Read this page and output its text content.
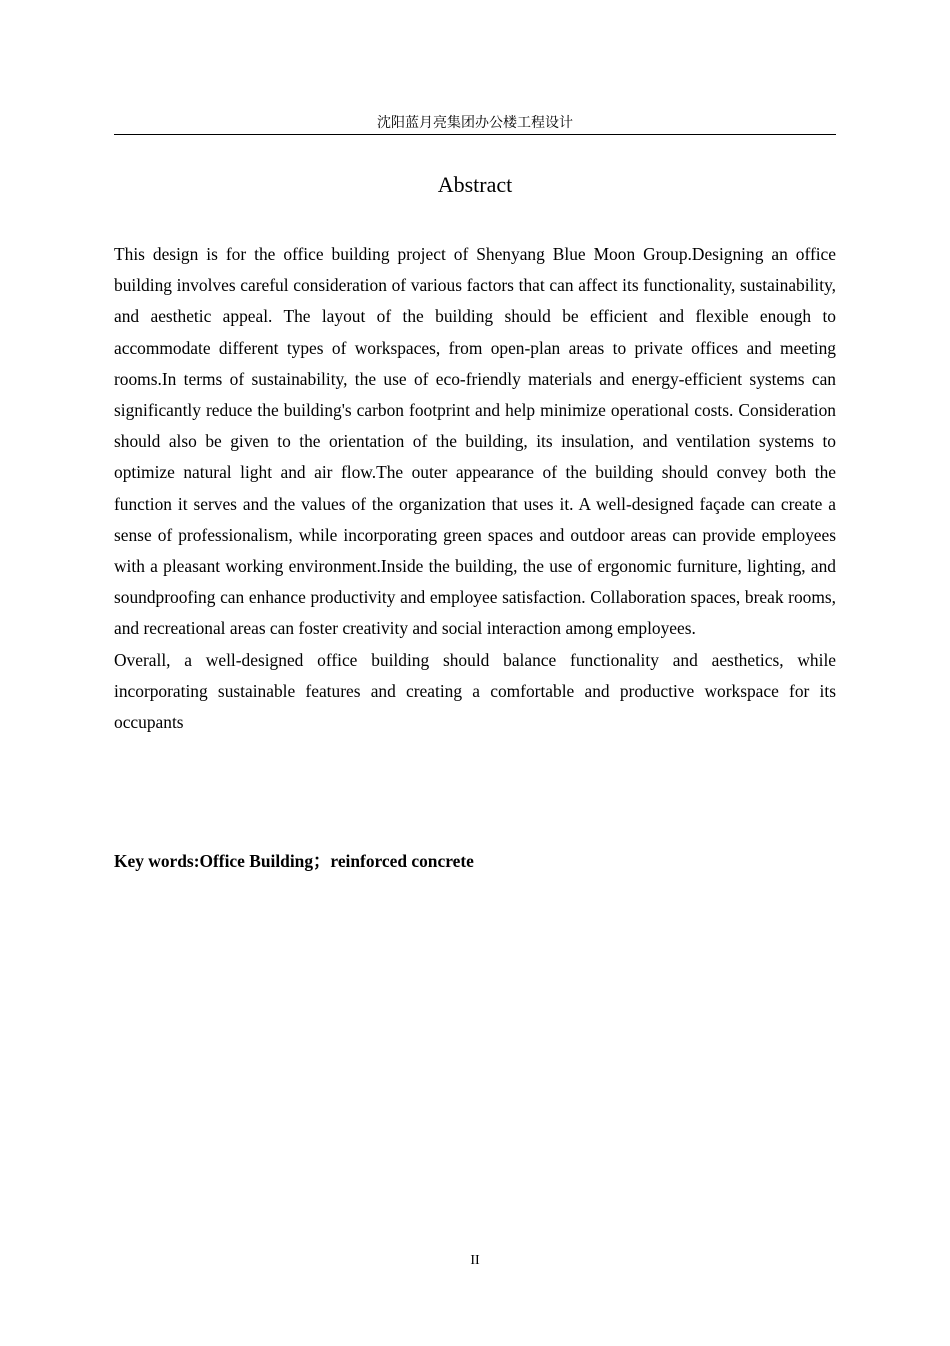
沈阳蓝月亮集团办公楼工程设计
Abstract

This design is for the office building project of Shenyang Blue Moon Group.Designing an office building involves careful consideration of various factors that can affect its functionality, sustainability, and aesthetic appeal. The layout of the building should be efficient and flexible enough to accommodate different types of workspaces, from open-plan areas to private offices and meeting rooms.In terms of sustainability, the use of eco-friendly materials and energy-efficient systems can significantly reduce the building's carbon footprint and help minimize operational costs. Consideration should also be given to the orientation of the building, its insulation, and ventilation systems to optimize natural light and air flow.The outer appearance of the building should convey both the function it serves and the values of the organization that uses it. A well-designed façade can create a sense of professionalism, while incorporating green spaces and outdoor areas can provide employees with a pleasant working environment.Inside the building, the use of ergonomic furniture, lighting, and soundproofing can enhance productivity and employee satisfaction. Collaboration spaces, break rooms, and recreational areas can foster creativity and social interaction among employees.

Overall, a well-designed office building should balance functionality and aesthetics, while incorporating sustainable features and creating a comfortable and productive workspace for its occupants

Key words:Office Building；reinforced concrete
II
